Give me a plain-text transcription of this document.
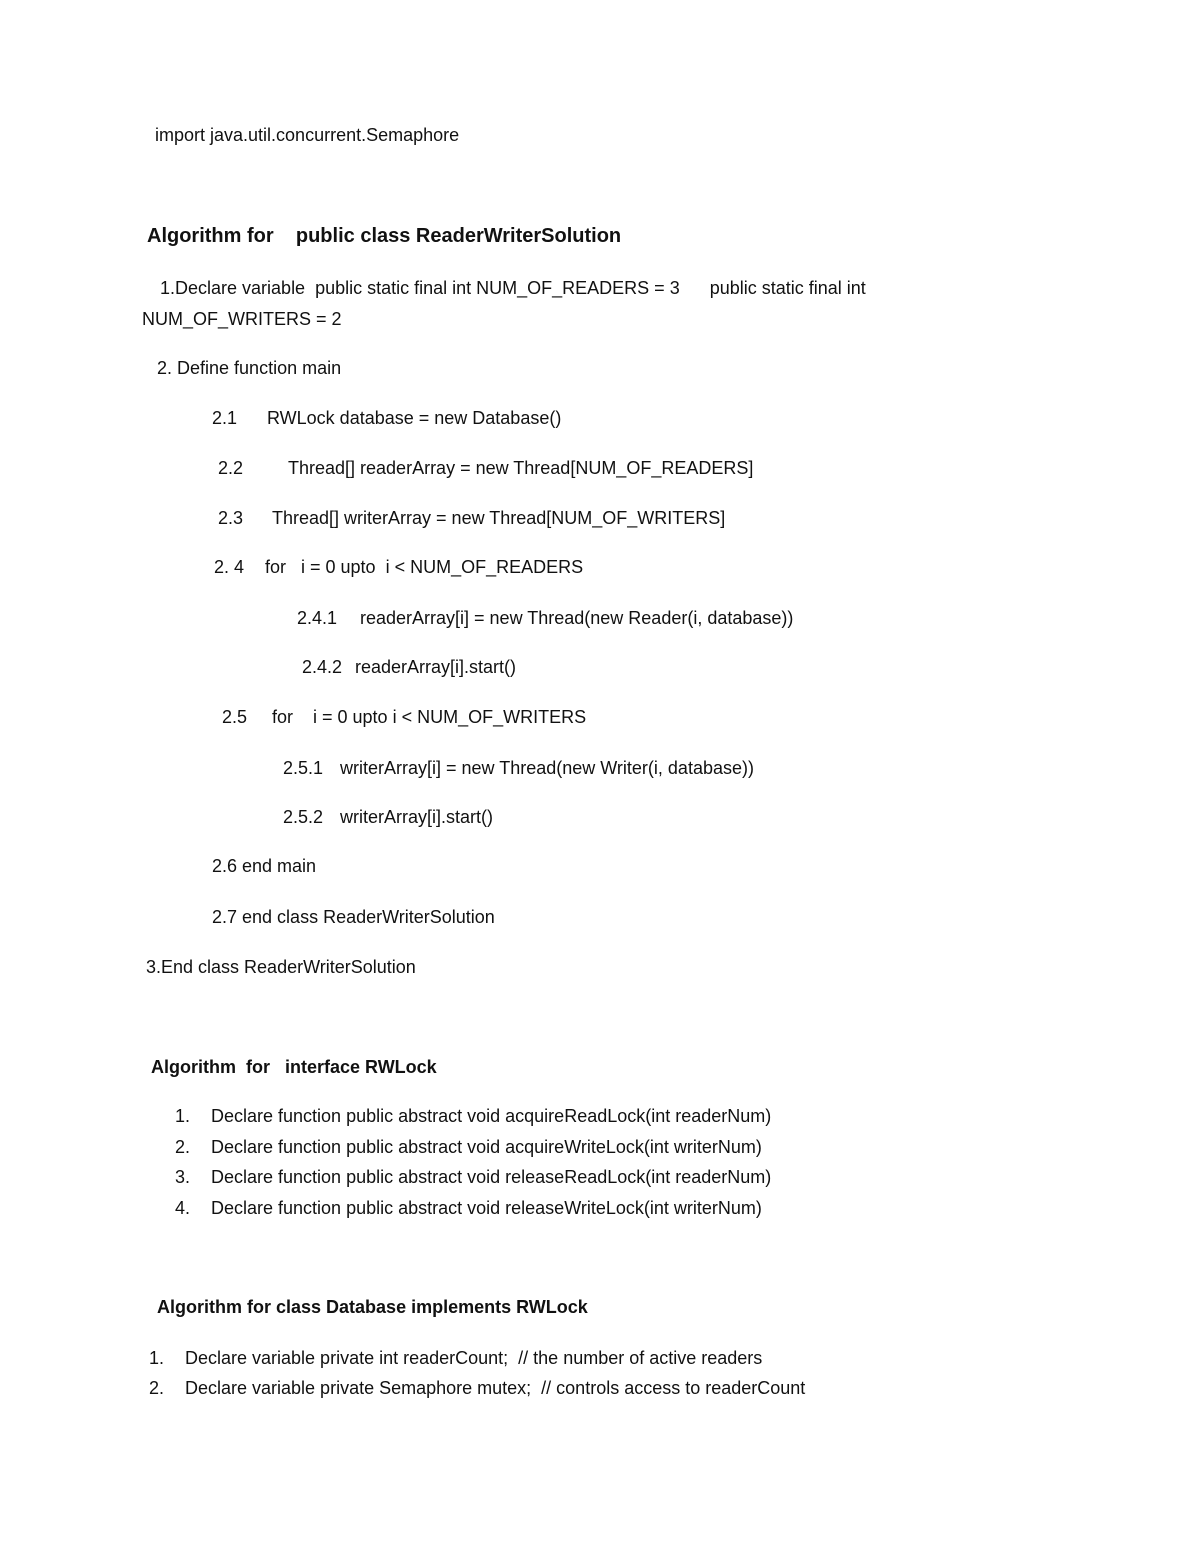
import java.util.concurrent.Semaphore
Algorithm for    public class ReaderWriterSolution
1.Declare variable  public static final int NUM_OF_READERS = 3      public static final int
NUM_OF_WRITERS = 2
2. Define function main
2.1 RWLock database = new Database()
2.2 Thread[] readerArray = new Thread[NUM_OF_READERS]
2.3 Thread[] writerArray = new Thread[NUM_OF_WRITERS]
2. 4 for   i = 0 upto  i < NUM_OF_READERS
2.4.1 readerArray[i] = new Thread(new Reader(i, database))
2.4.2 readerArray[i].start()
2.5 for    i = 0 upto i < NUM_OF_WRITERS
2.5.1 writerArray[i] = new Thread(new Writer(i, database))
2.5.2 writerArray[i].start()
2.6 end main
2.7 end class ReaderWriterSolution
3.End class ReaderWriterSolution
Algorithm  for   interface RWLock
1. Declare function public abstract void acquireReadLock(int readerNum)
2. Declare function public abstract void acquireWriteLock(int writerNum)
3. Declare function public abstract void releaseReadLock(int readerNum)
4. Declare function public abstract void releaseWriteLock(int writerNum)
Algorithm for class Database implements RWLock
1. Declare variable private int readerCount;  // the number of active readers
2. Declare variable private Semaphore mutex;  // controls access to readerCount
